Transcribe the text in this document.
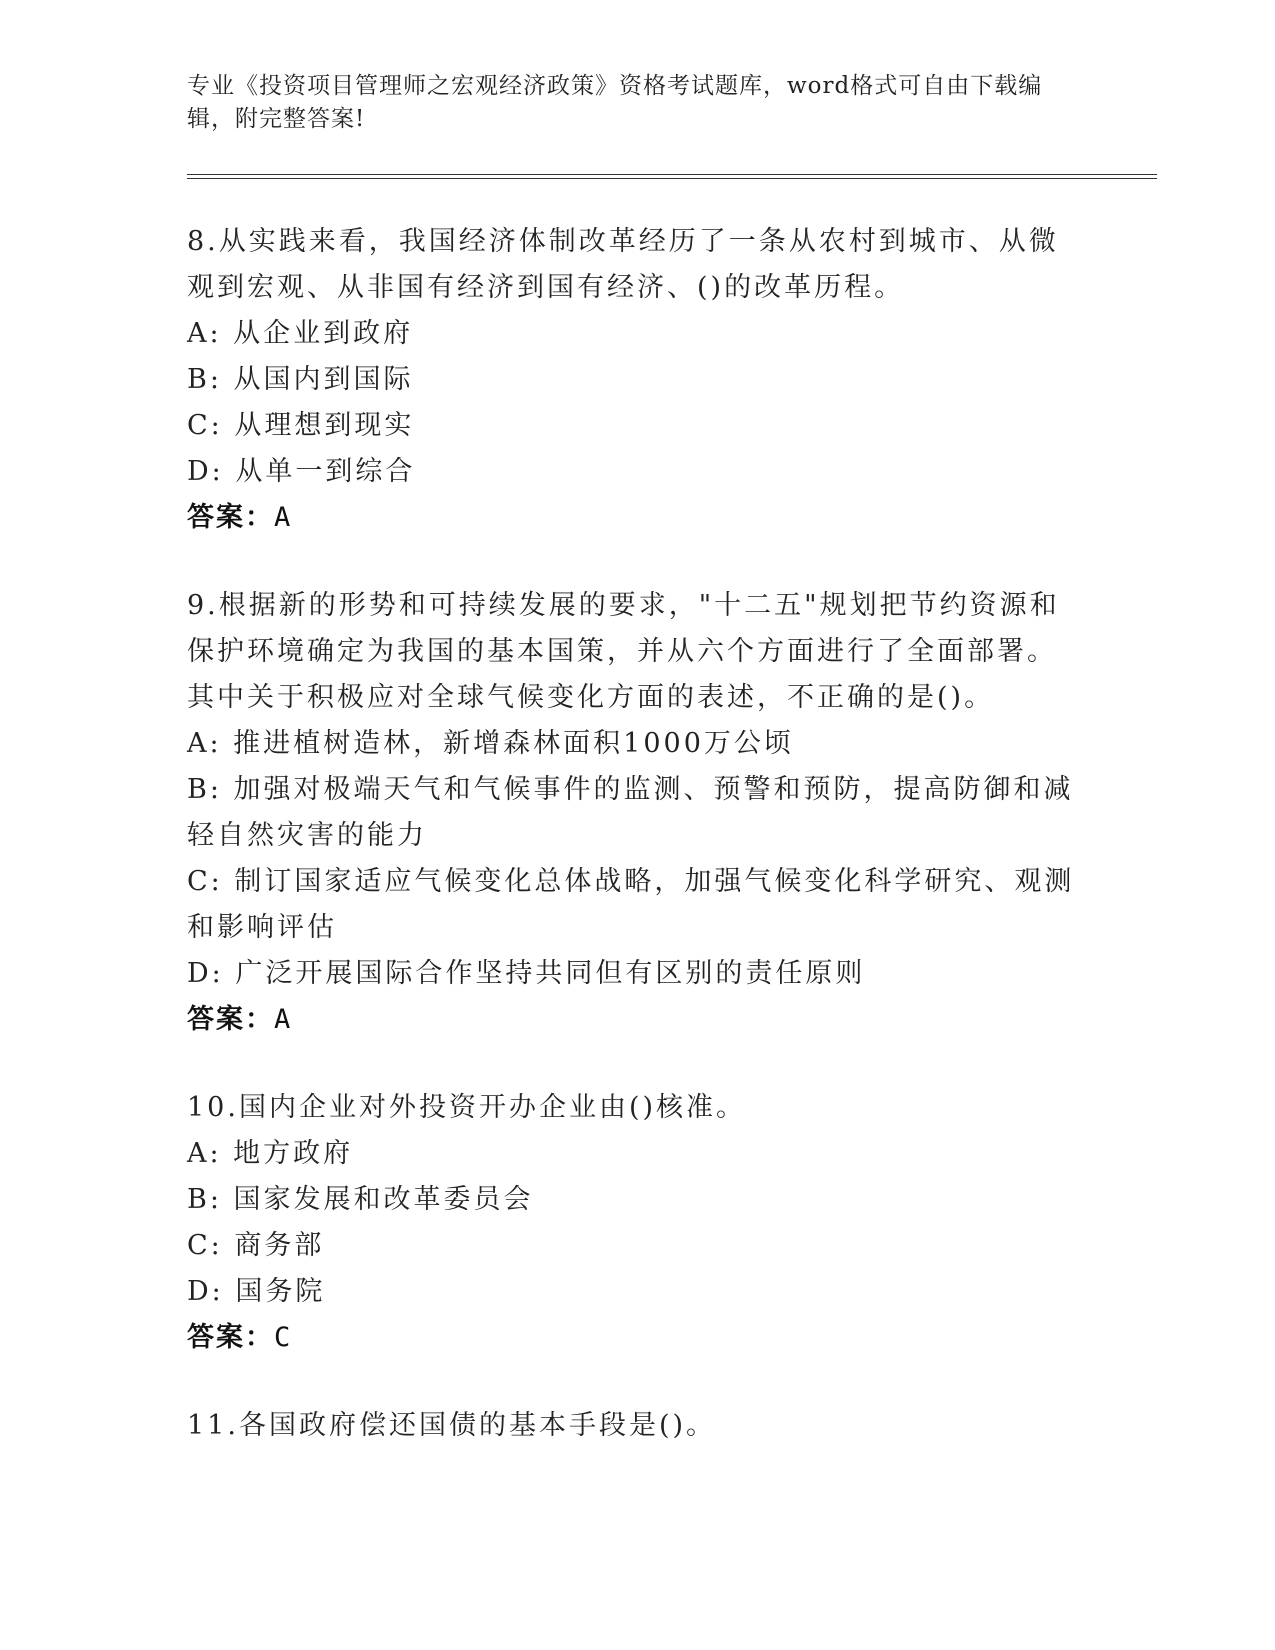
专业《投资项目管理师之宏观经济政策》资格考试题库，word格式可自由下载编辑，附完整答案!
8.从实践来看，我国经济体制改革经历了一条从农村到城市、从微观到宏观、从非国有经济到国有经济、()的改革历程。
A: 从企业到政府
B: 从国内到国际
C: 从理想到现实
D: 从单一到综合
答案：A
9.根据新的形势和可持续发展的要求，"十二五"规划把节约资源和保护环境确定为我国的基本国策，并从六个方面进行了全面部署。其中关于积极应对全球气候变化方面的表述，不正确的是()。
A: 推进植树造林，新增森林面积1000万公顷
B: 加强对极端天气和气候事件的监测、预警和预防，提高防御和减轻自然灾害的能力
C: 制订国家适应气候变化总体战略，加强气候变化科学研究、观测和影响评估
D: 广泛开展国际合作坚持共同但有区别的责任原则
答案：A
10.国内企业对外投资开办企业由()核准。
A: 地方政府
B: 国家发展和改革委员会
C: 商务部
D: 国务院
答案：C
11.各国政府偿还国债的基本手段是()。
